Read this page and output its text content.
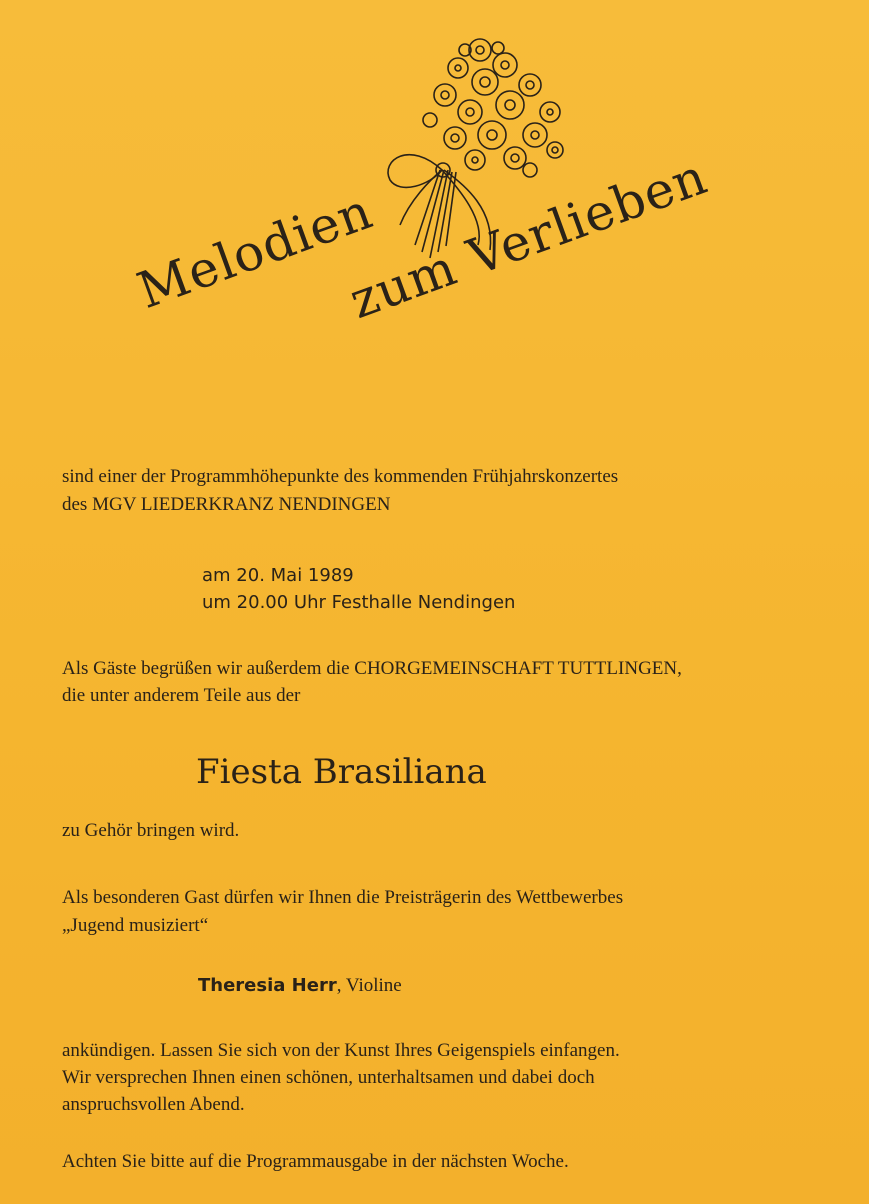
Melodien
zum Verlieben
sind einer der Programmhöhepunkte des kommenden Frühjahrskonzertes
des MGV LIEDERKRANZ NENDINGEN
am 20. Mai 1989
um 20.00 Uhr Festhalle Nendingen
Als Gäste begrüßen wir außerdem die CHORGEMEINSCHAFT TUTTLINGEN,
die unter anderem Teile aus der
Fiesta Brasiliana
zu Gehör bringen wird.
Als besonderen Gast dürfen wir Ihnen die Preisträgerin des Wettbewerbes
„Jugend musiziert“
Theresia Herr, Violine
ankündigen. Lassen Sie sich von der Kunst Ihres Geigenspiels einfangen.
Wir versprechen Ihnen einen schönen, unterhaltsamen und dabei doch
anspruchsvollen Abend.
Achten Sie bitte auf die Programmausgabe in der nächsten Woche.
